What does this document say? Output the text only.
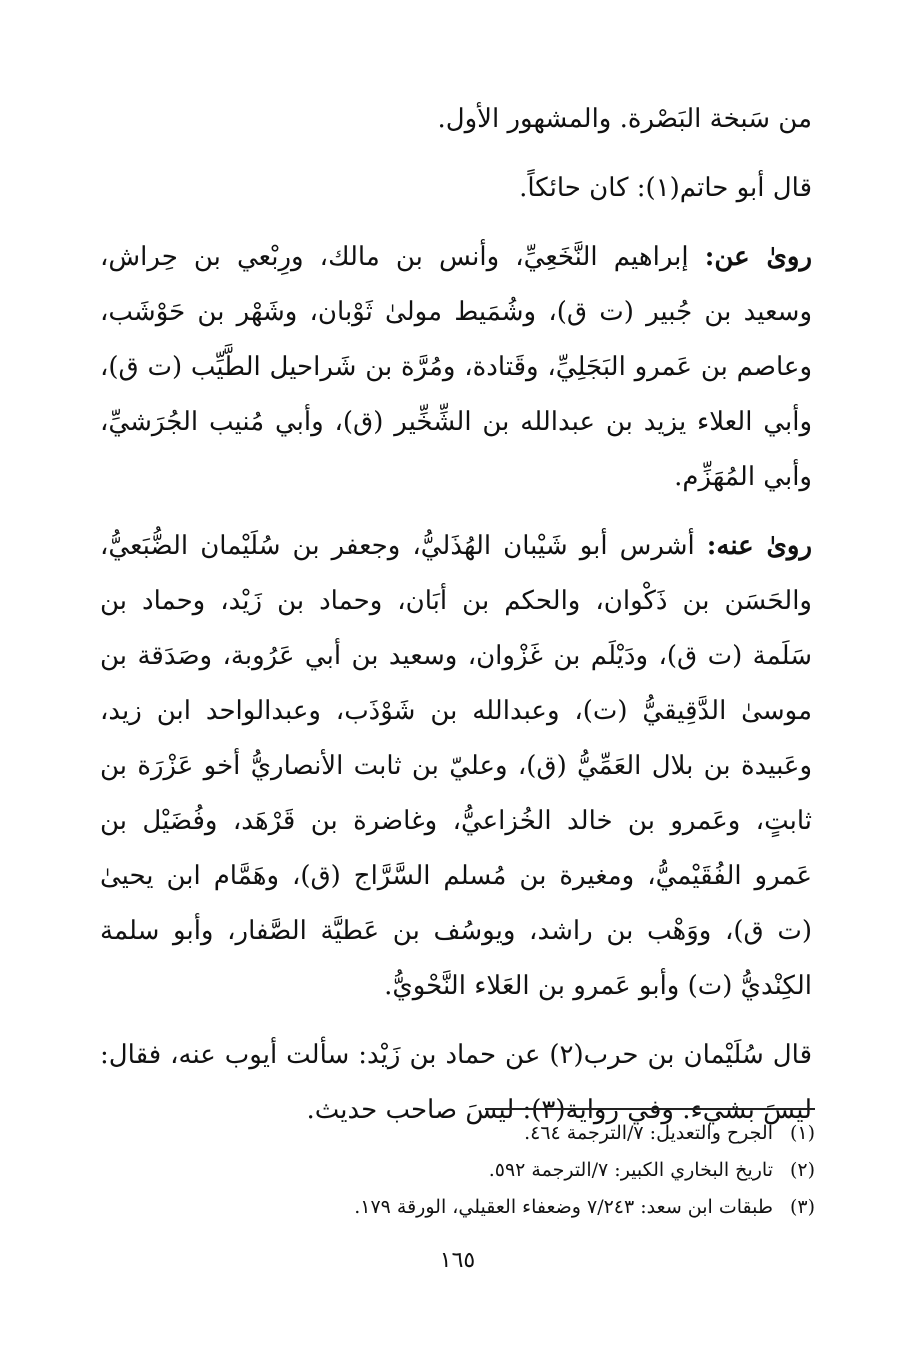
من سَبخة البَصْرة. والمشهور الأول.

قال أبو حاتم(١): كان حائكاً.

روىٰ عن: إبراهيم النَّخَعِيِّ، وأنس بن مالك، ورِبْعي بن حِراش، وسعيد بن جُبير (ت ق)، وشُمَيط مولىٰ ثَوْبان، وشَهْر بن حَوْشَب، وعاصم بن عَمرو البَجَلِيِّ، وقَتادة، ومُرَّة بن شَراحيل الطَّيِّب (ت ق)، وأبي العلاء يزيد بن عبدالله بن الشِّخِّير (ق)، وأبي مُنيب الجُرَشيِّ، وأبي المُهَزِّم.

روىٰ عنه: أشرس أبو شَيْبان الهُذَليُّ، وجعفر بن سُلَيْمان الضُّبَعيُّ، والحَسَن بن ذَكْوان، والحكم بن أبَان، وحماد بن زَيْد، وحماد بن سَلَمة (ت ق)، ودَيْلَم بن غَزْوان، وسعيد بن أبي عَرُوبة، وصَدَقة بن موسىٰ الدَّقِيقيُّ (ت)، وعبدالله بن شَوْذَب، وعبدالواحد ابن زيد، وعَبيدة بن بلال العَمِّيُّ (ق)، وعليّ بن ثابت الأنصاريُّ أخو عَزْرَة بن ثابتٍ، وعَمرو بن خالد الخُزاعيُّ، وغاضرة بن قَرْهَد، وفُضَيْل بن عَمرو الفُقَيْميُّ، ومغيرة بن مُسلم السَّرَّاج (ق)، وهَمَّام ابن يحيىٰ (ت ق)، ووَهْب بن راشد، ويوسُف بن عَطيَّة الصَّفار، وأبو سلمة الكِنْديُّ (ت) وأبو عَمرو بن العَلاء النَّحْويُّ.

قال سُلَيْمان بن حرب(٢) عن حماد بن زَيْد: سألت أيوب عنه، فقال: ليسَ بشيء. وفي رواية(٣): ليسَ صاحب حديث.

(١)
الجرح والتعديل: ٧/الترجمة ٤٦٤.
(٢)
تاريخ البخاري الكبير: ٧/الترجمة ٥٩٢.
(٣)
طبقات ابن سعد: ٧/٢٤٣ وضعفاء العقيلي، الورقة ١٧٩.
١٦٥
